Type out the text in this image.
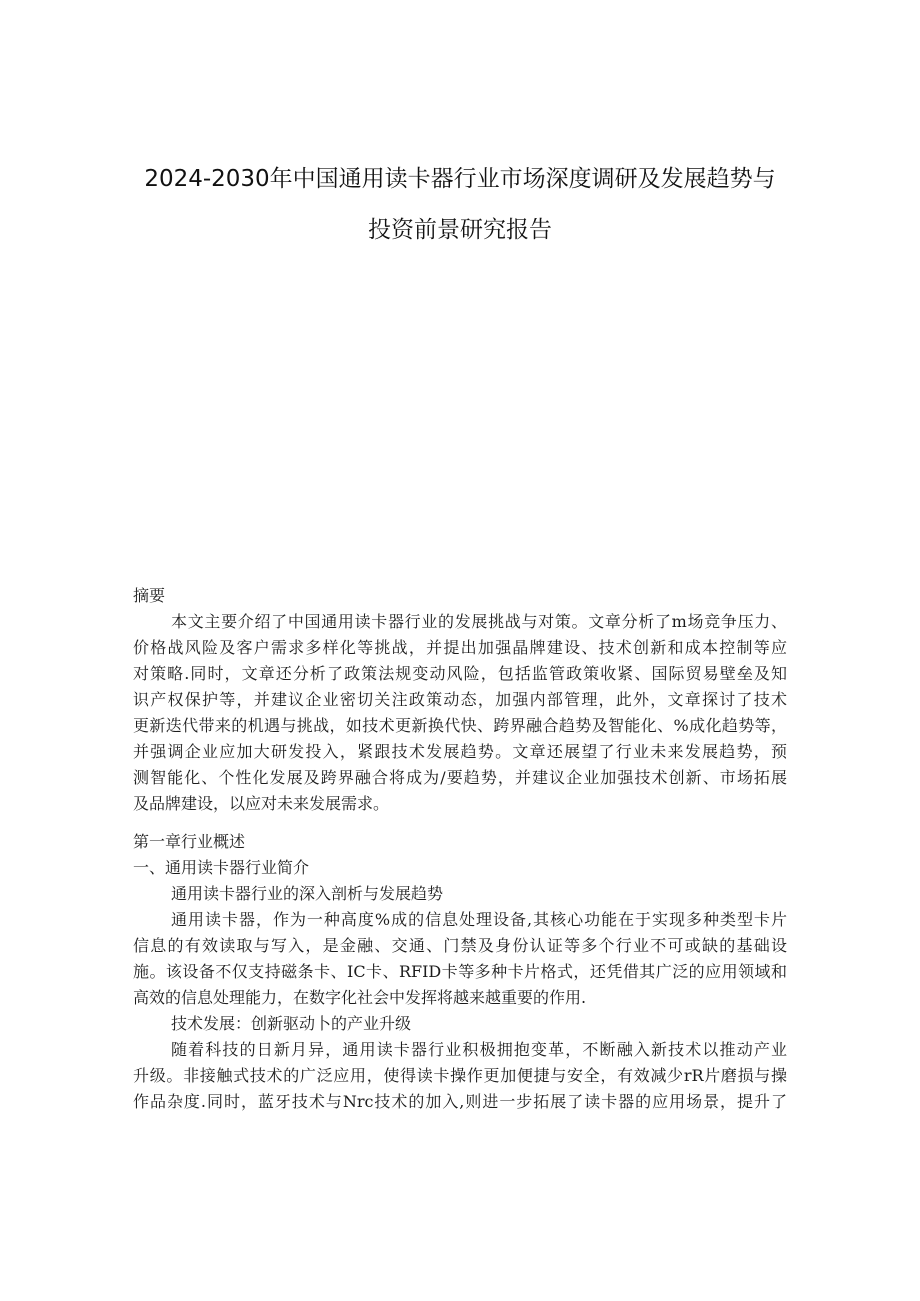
2024-2030年中国通用读卡器行业市场深度调研及发展趋势与
投资前景研究报告
摘要
本文主要介绍了中国通用读卡器行业的发展挑战与对策。文章分析了m场竞争压力、
价格战风险及客户需求多样化等挑战，并提出加强晶牌建设、技术创新和成本控制等应
对策略.同时，文章还分析了政策法规变动风险，包括监管政策收紧、国际贸易壁垒及知
识产权保护等，并建议企业密切关注政策动态，加强内部管理，此外，文章探讨了技术
更新迭代带来的机遇与挑战，如技术更新换代快、跨界融合趋势及智能化、%成化趋势等，
并强调企业应加大研发投入，紧跟技术发展趋势。文章还展望了行业未来发展趋势，预
测智能化、个性化发展及跨界融合将成为/要趋势，并建议企业加强技术创新、市场拓展
及品牌建设，以应对未来发展需求。
第一章行业概述
一、通用读卡器行业简介
通用读卡器行业的深入剖析与发展趋势
通用读卡器，作为一种高度%成的信息处理设备,其核心功能在于实现多种类型卡片
信息的有效读取与写入，是金融、交通、门禁及身份认证等多个行业不可或缺的基础设
施。该设备不仅支持磁条卡、IC卡、RFID卡等多种卡片格式，还凭借其广泛的应用领域和
高效的信息处理能力，在数字化社会中发挥将越来越重要的作用.
技术发展：创新驱动卜的产业升级
随着科技的日新月异，通用读卡器行业积极拥抱变革，不断融入新技术以推动产业
升级。非接触式技术的广泛应用，使得读卡操作更加便捷与安全，有效减少rR片磨损与操
作品杂度.同时，蓝牙技术与Nrc技术的加入,则进一步拓展了读卡器的应用场景，提升了
